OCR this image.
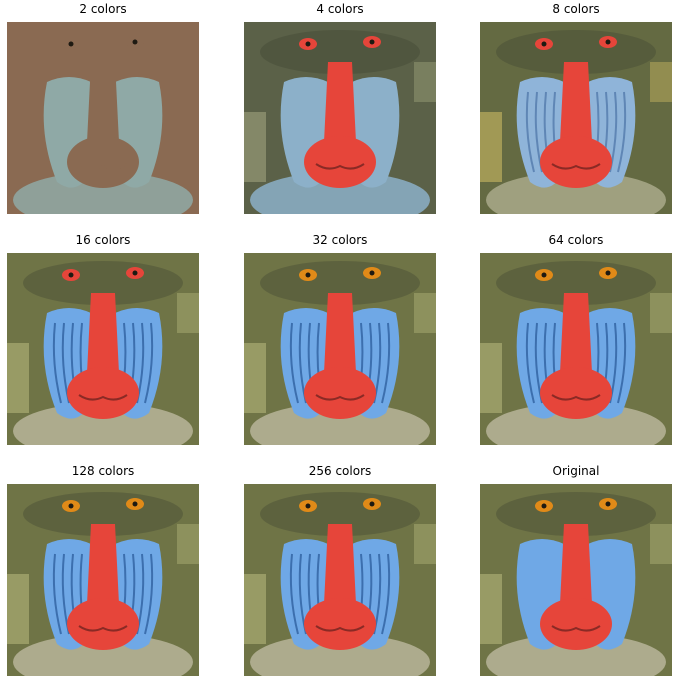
2 colors	4 colors	8 colors
16 colors	32 colors	64 colors
128 colors	256 colors	Original
